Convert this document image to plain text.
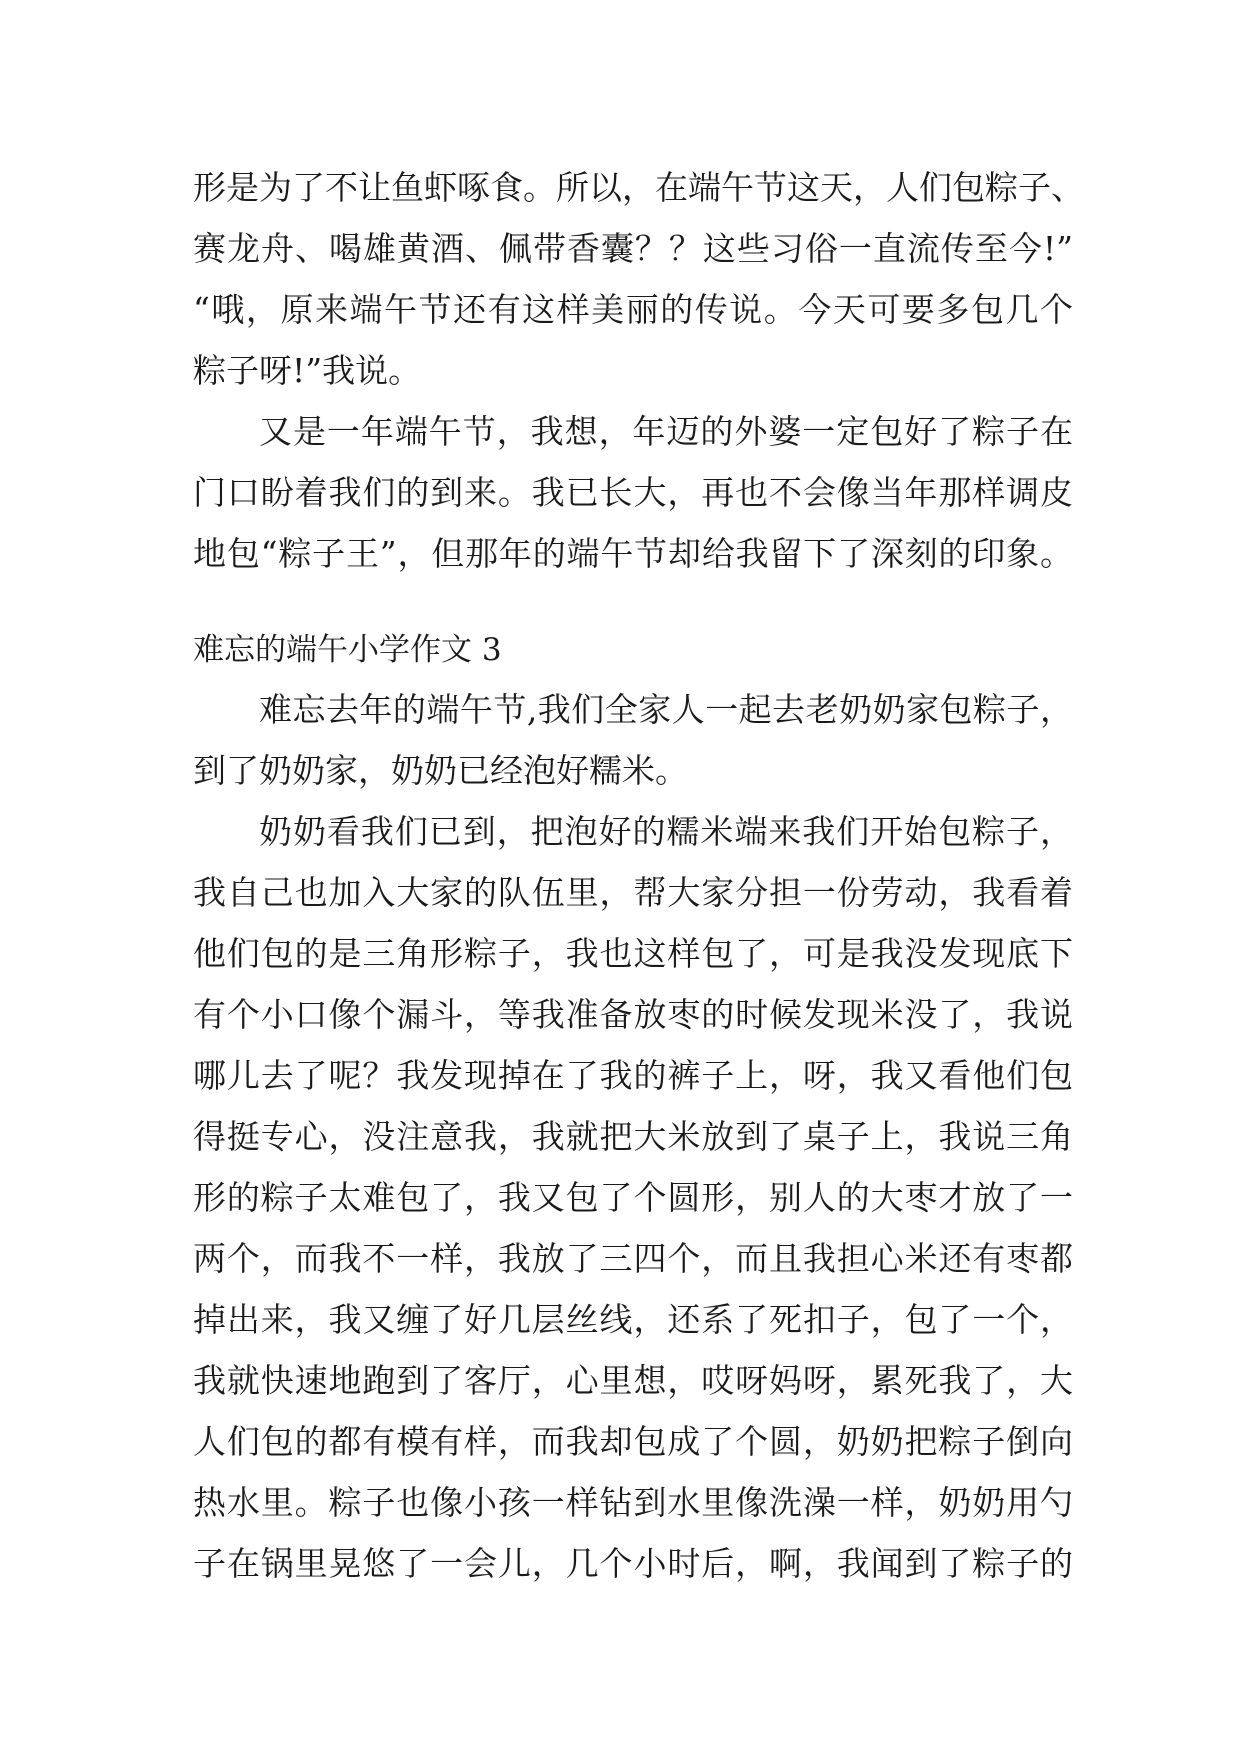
形是为了不让鱼虾啄食。所以，在端午节这天，人们包粽子、
赛龙舟、喝雄黄酒、佩带香囊？？这些习俗一直流传至今!”
“哦，原来端午节还有这样美丽的传说。今天可要多包几个
粽子呀!”我说。
又是一年端午节，我想，年迈的外婆一定包好了粽子在
门口盼着我们的到来。我已长大，再也不会像当年那样调皮
地包“粽子王”，但那年的端午节却给我留下了深刻的印象。
难忘的端午小学作文 3
难忘去年的端午节,我们全家人一起去老奶奶家包粽子，
到了奶奶家，奶奶已经泡好糯米。
奶奶看我们已到，把泡好的糯米端来我们开始包粽子，
我自己也加入大家的队伍里，帮大家分担一份劳动，我看着
他们包的是三角形粽子，我也这样包了，可是我没发现底下
有个小口像个漏斗，等我准备放枣的时候发现米没了，我说
哪儿去了呢？我发现掉在了我的裤子上，呀，我又看他们包
得挺专心，没注意我，我就把大米放到了桌子上，我说三角
形的粽子太难包了，我又包了个圆形，别人的大枣才放了一
两个，而我不一样，我放了三四个，而且我担心米还有枣都
掉出来，我又缠了好几层丝线，还系了死扣子，包了一个，
我就快速地跑到了客厅，心里想，哎呀妈呀，累死我了，大
人们包的都有模有样，而我却包成了个圆，奶奶把粽子倒向
热水里。粽子也像小孩一样钻到水里像洗澡一样，奶奶用勺
子在锅里晃悠了一会儿，几个小时后，啊，我闻到了粽子的
